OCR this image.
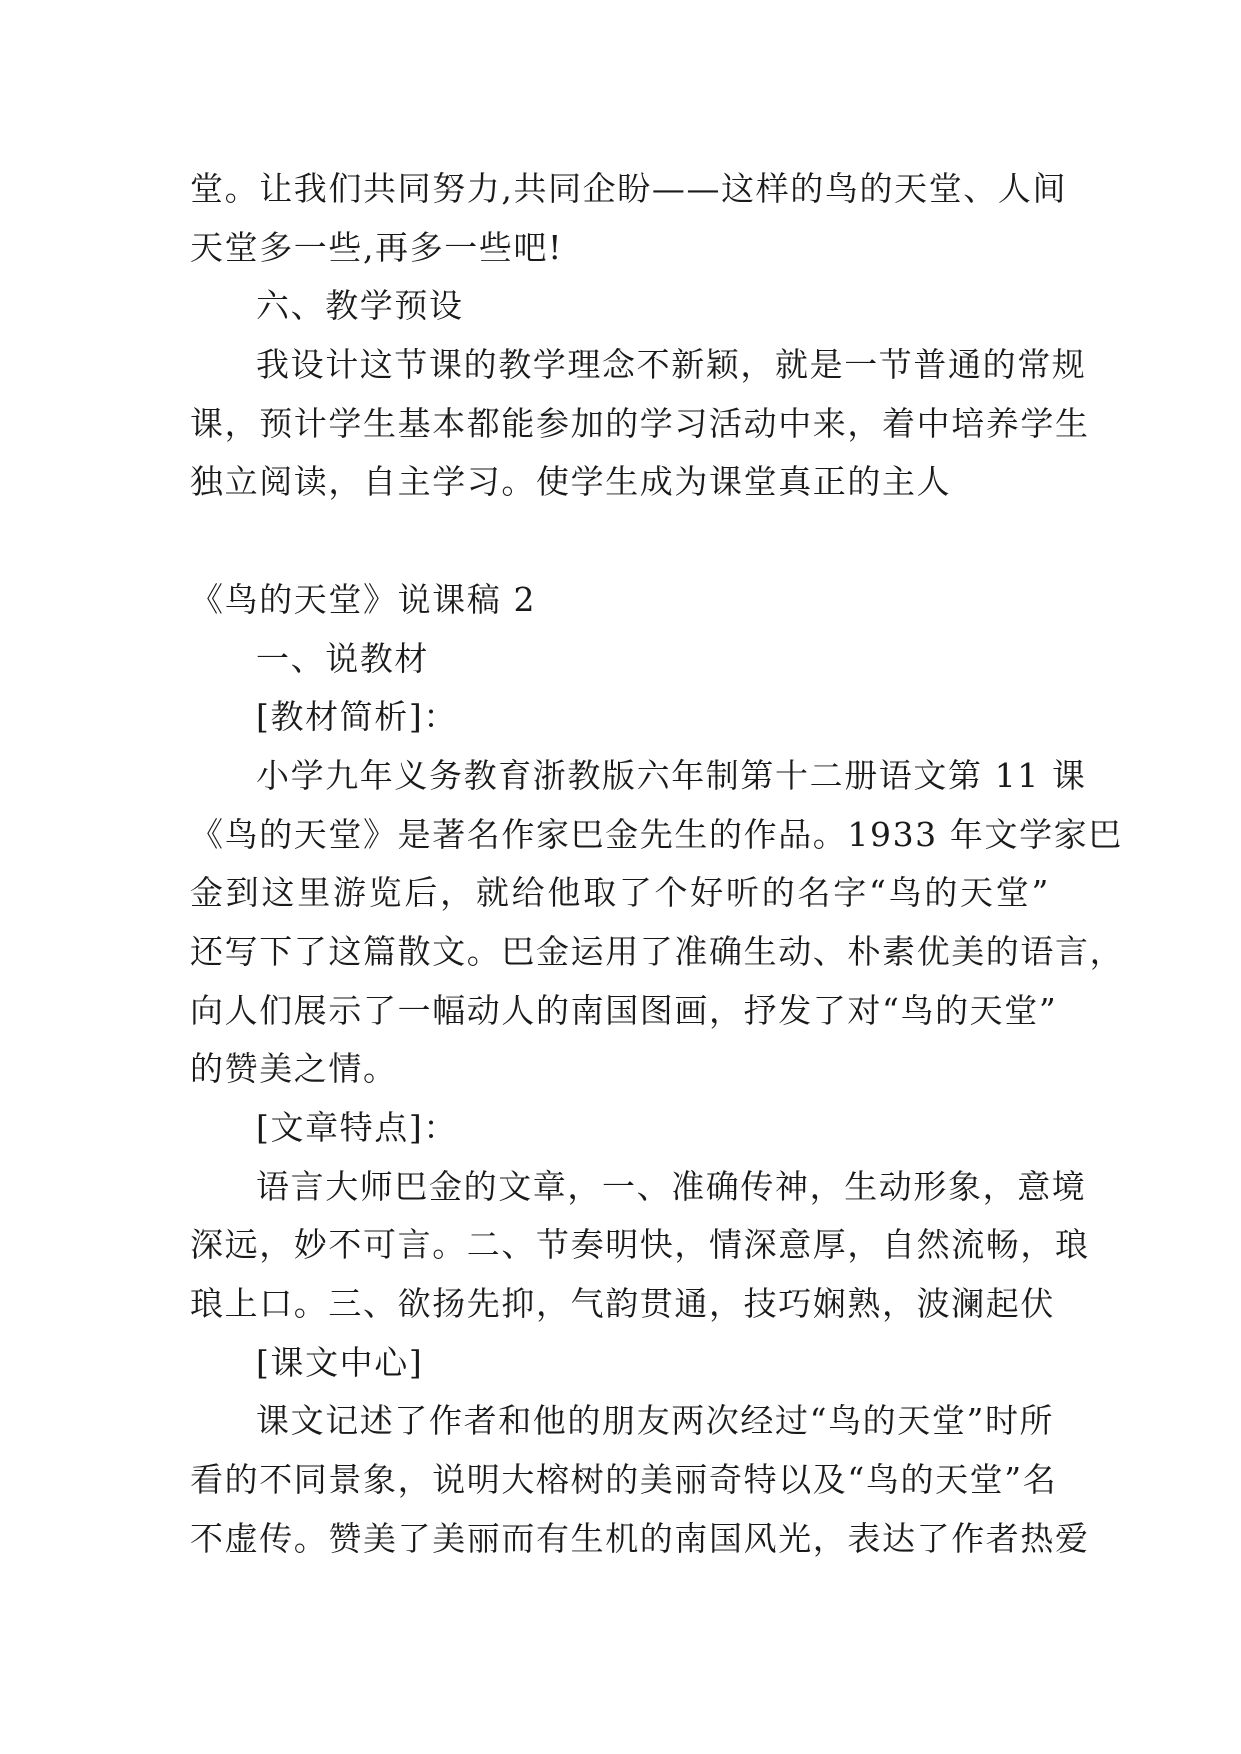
堂。让我们共同努力,共同企盼——这样的鸟的天堂、人间
天堂多一些,再多一些吧!
六、教学预设
我设计这节课的教学理念不新颖，就是一节普通的常规
课，预计学生基本都能参加的学习活动中来，着中培养学生
独立阅读，自主学习。使学生成为课堂真正的主人
《鸟的天堂》说课稿 2
一、说教材
[教材简析]：
小学九年义务教育浙教版六年制第十二册语文第 11 课
《鸟的天堂》是著名作家巴金先生的作品。1933 年文学家巴
金到这里游览后，就给他取了个好听的名字“鸟的天堂”
还写下了这篇散文。巴金运用了准确生动、朴素优美的语言，
向人们展示了一幅动人的南国图画，抒发了对“鸟的天堂”
的赞美之情。
[文章特点]：
语言大师巴金的文章，一、准确传神，生动形象，意境
深远，妙不可言。二、节奏明快，情深意厚，自然流畅，琅
琅上口。三、欲扬先抑，气韵贯通，技巧娴熟，波澜起伏
[课文中心]
课文记述了作者和他的朋友两次经过“鸟的天堂”时所
看的不同景象，说明大榕树的美丽奇特以及“鸟的天堂”名
不虚传。赞美了美丽而有生机的南国风光，表达了作者热爱
